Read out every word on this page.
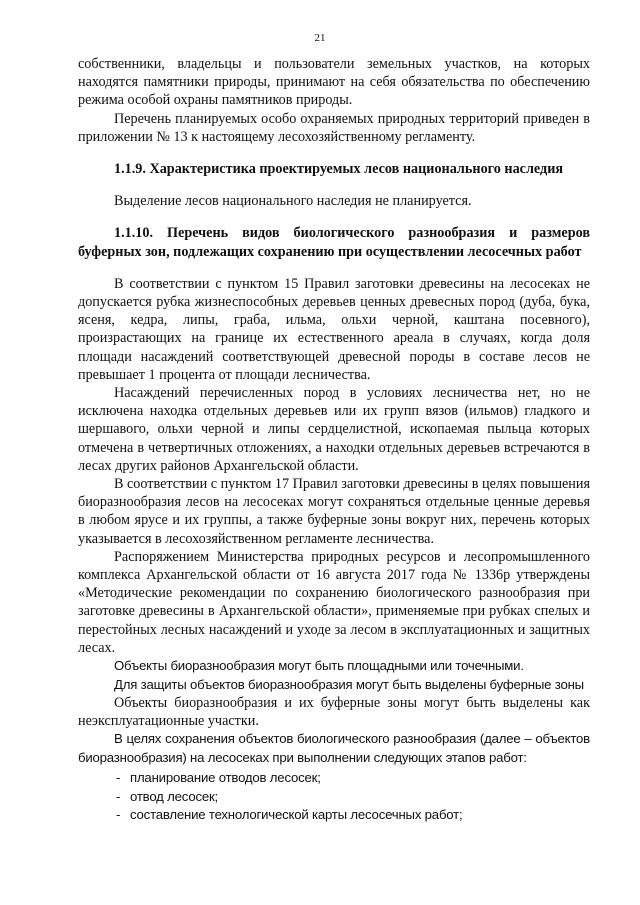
21

собственники, владельцы и пользователи земельных участков, на которых находятся памятники природы, принимают на себя обязательства по обеспечению режима особой охраны памятников природы.

Перечень планируемых особо охраняемых природных территорий приведен в приложении № 13 к настоящему лесохозяйственному регламенту.

1.1.9. Характеристика проектируемых лесов национального наследия

Выделение лесов национального наследия не планируется.

1.1.10. Перечень видов биологического разнообразия и размеров буферных зон, подлежащих сохранению при осуществлении лесосечных работ

В соответствии с пунктом 15 Правил заготовки древесины на лесосеках не допускается рубка жизнеспособных деревьев ценных древесных пород (дуба, бука, ясеня, кедра, липы, граба, ильма, ольхи черной, каштана посевного), произрастающих на границе их естественного ареала в случаях, когда доля площади насаждений соответствующей древесной породы в составе лесов не превышает 1 процента от площади лесничества.

Насаждений перечисленных пород в условиях лесничества нет, но не исключена находка отдельных деревьев или их групп вязов (ильмов) гладкого и шершавого, ольхи черной и липы сердцелистной, ископаемая пыльца которых отмечена в четвертичных отложениях, а находки отдельных деревьев встречаются в лесах других районов Архангельской области.

В соответствии с пунктом 17 Правил заготовки древесины в целях повышения биоразнообразия лесов на лесосеках могут сохраняться отдельные ценные деревья в любом ярусе и их группы, а также буферные зоны вокруг них, перечень которых указывается в лесохозяйственном регламенте лесничества.

Распоряжением Министерства природных ресурсов и лесопромышленного комплекса Архангельской области от 16 августа 2017 года № 1336р утверждены «Методические рекомендации по сохранению биологического разнообразия при заготовке древесины в Архангельской области», применяемые при рубках спелых и перестойных лесных насаждений и уходе за лесом в эксплуатационных и защитных лесах.

Объекты биоразнообразия могут быть площадными или точечными.

Для защиты объектов биоразнообразия могут быть выделены буферные зоны

Объекты биоразнообразия и их буферные зоны могут быть выделены как неэксплуатационные участки.

В целях сохранения объектов биологического разнообразия (далее – объектов биоразнообразия) на лесосеках при выполнении следующих этапов работ:

- планирование отводов лесосек;
- отвод лесосек;
- составление технологической карты лесосечных работ;
